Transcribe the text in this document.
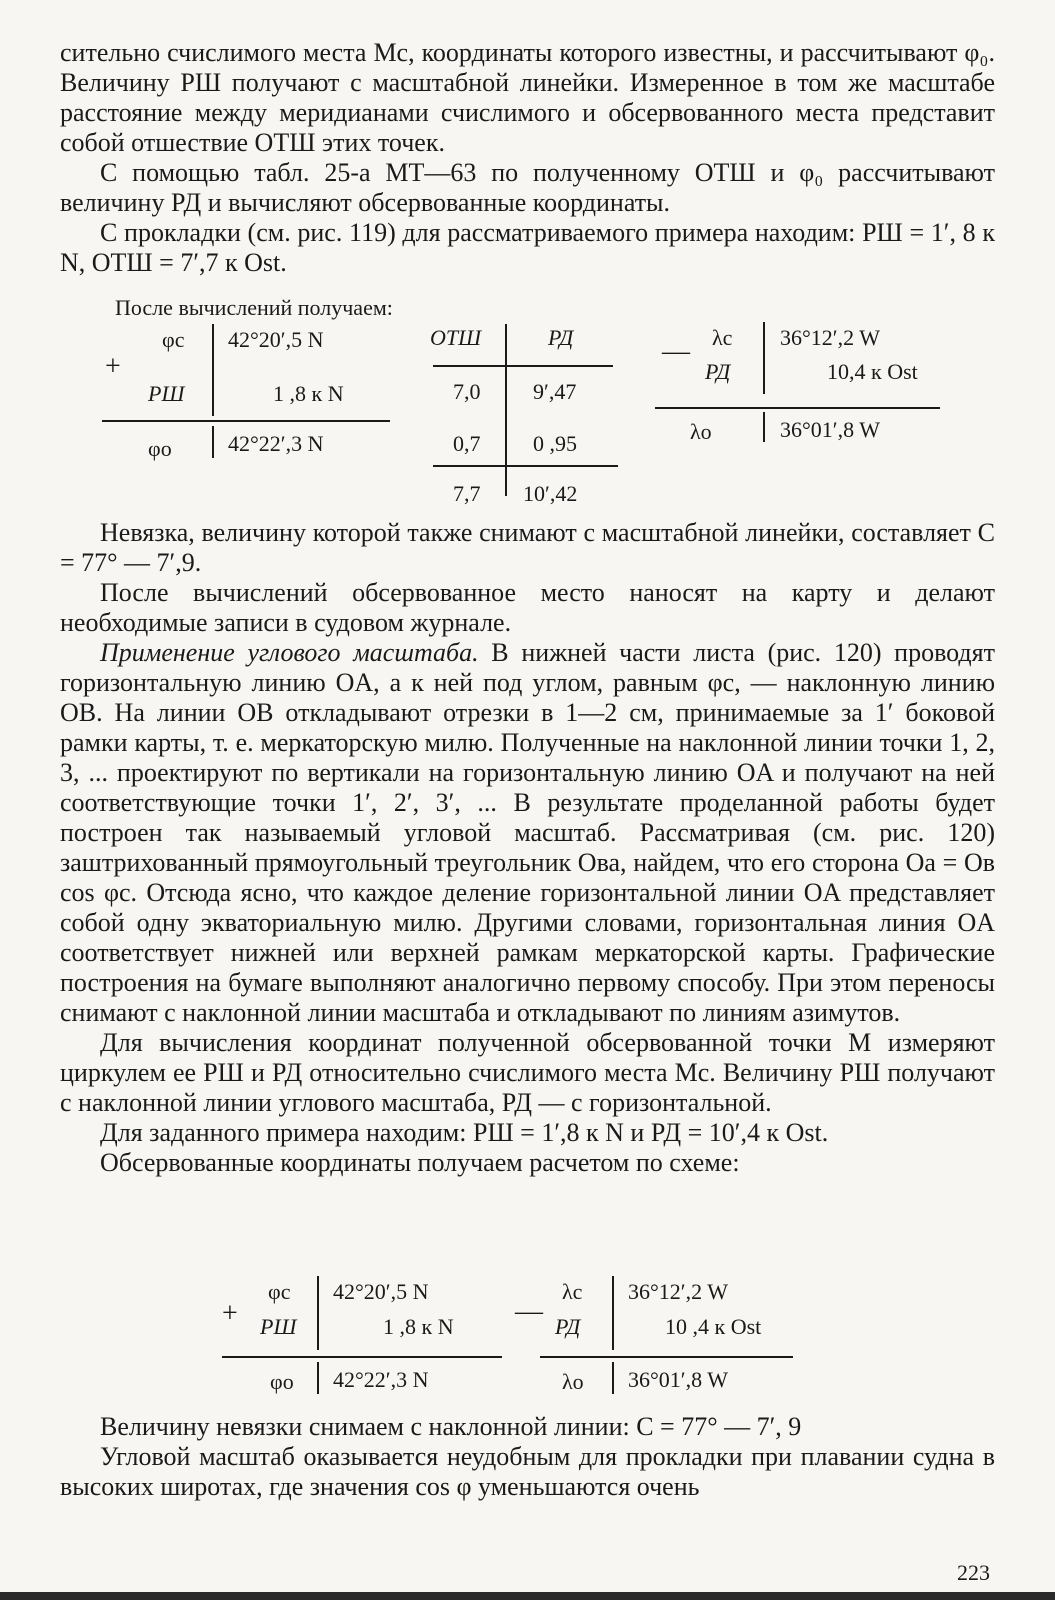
сительно счислимого места Mс, координаты которого известны, и рассчитывают φ₀. Величину РШ получают с масштабной линейки. Измеренное в том же масштабе расстояние между меридианами счислимого и обсервованного места представит собой отшествие ОТШ этих точек.

С помощью табл. 25-а МТ—63 по полученному ОТШ и φ₀ рассчитывают величину РД и вычисляют обсервованные координаты.

С прокладки (см. рис. 119) для рассматриваемого примера находим: РШ = 1′, 8 к N, ОТШ = 7′,7 к Ost.

После вычислений получаем:
+
φс 42°20′,5 N
РШ	1 ,8 к N
φо	42°22′,3 N
ОТШ	РД
7,0 9′,47
0,7 0 ,95
7,7 10′,42
— λс 36°12′,2 W
РД	10,4 к Ost
λо	36°01′,8 W

Невязка, величину которой также снимают с масштабной линейки, составляет C = 77° — 7′,9.

После вычислений обсервованное место наносят на карту и делают необходимые записи в судовом журнале.

Применение углового масштаба. В нижней части листа (рис. 120) проводят горизонтальную линию OA, а к ней под углом, равным φс, — наклонную линию OB. На линии OB откладывают отрезки в 1—2 см, принимаемые за 1′ боковой рамки карты, т. е. меркаторскую милю. Полученные на наклонной линии точки 1, 2, 3, ... проектируют по вертикали на горизонтальную линию OA и получают на ней соответствующие точки 1′, 2′, 3′, ... В результате проделанной работы будет построен так называемый угловой масштаб. Рассматривая (см. рис. 120) заштрихованный прямоугольный треугольник Oва, найдем, что его сторона Oa = Oв cos φс. Отсюда ясно, что каждое деление горизонтальной линии OA представляет собой одну экваториальную милю. Другими словами, горизонтальная линия OA соответствует нижней или верхней рамкам меркаторской карты. Графические построения на бумаге выполняют аналогично первому способу. При этом переносы снимают с наклонной линии масштаба и откладывают по линиям азимутов.

Для вычисления координат полученной обсервованной точки M измеряют циркулем ее РШ и РД относительно счислимого места Mс. Величину РШ получают с наклонной линии углового масштаба, РД — с горизонтальной.

Для заданного примера находим: РШ = 1′,8 к N и РД = 10′,4 к Ost.

Обсервованные координаты получаем расчетом по схеме:

+
φс 42°20′,5 N
РШ	1 ,8 к N
φо 42°22′,3 N
—
λс 36°12′,2 W
РД	10 ,4 к Ost
λо 36°01′,8 W

Величину невязки снимаем с наклонной линии: C = 77° — 7′, 9

Угловой масштаб оказывается неудобным для прокладки при плавании судна в высоких широтах, где значения cos φ уменьшаются очень

223
